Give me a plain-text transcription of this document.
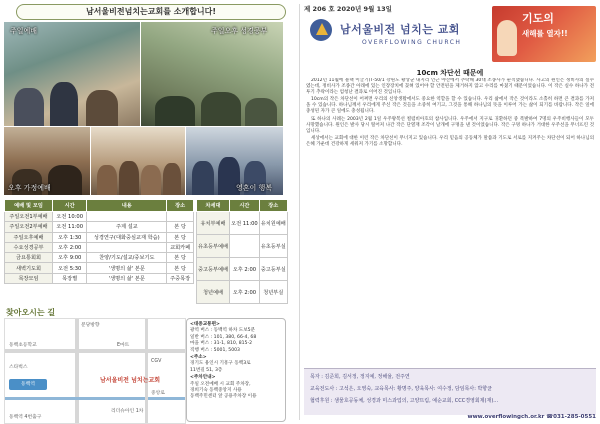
남서울비전넘치는교회를 소개합니다!
주일예배	주일오후 성경공부
오후 가정예배	영혼이 행복
예배 및 모임	시간	내용	장소
주일오전1부예배	오전 10:00		
주일오전2부예배	오전 11:00	주제 설교	본 당
주일오후예배	오후 1:30	성경연구(대화중심교재 학습)	본 당
수요성경공부	오후 2:00		교회카페
금요통회회	오후 9:00	찬양/기도/설교/중보기도	본 당
새벽기도회	오전 5:30	'생명의 삶' 본문	본 당
목장모임	목장별	'생명의 삶' 본문	주중목장
차세대	시간	장소
유치부예배	오전 11:00	유치원예배
유초등부예배		유초등부실
중고등부예배	오후 2:00	중고등부실
청년예배	오후 2:00	청년부실
찾아오시는 길
분당방향
동백초등학교	E마트
스타벅스
CGV
리더슈아인 1차
동백역 4번출구
중앙로
동백역
남서울비전 넘치는교회
<대중교통편>
광역 버스 : 동백역 하차 도보5분
일반 버스 : 101, 380, 66-4, 68
마을 버스 : 31-1, 810, 815-2
직행 버스 : 5001, 5003
<주소>
경기도 용인시 기흥구 동백3로
11번길 51, 3층
<주차안내>
주일 오전예배 시 교회 주차장,
경희기숙 동백중앙지 사용
동백주민센터 앞 공용주차장 이용
제 206 호 2020년 9월 13일
남서울비전 넘치는 교회
OVERFLOWING CHURCH
기도의
새해를 열자!!
10cm 차단선 때문에

2012년 11월에 블랙 이글기(T-50/1 강원도 황상군 내지리 인근 야산에서 추락해 30대 조종사가 순직했습니다. 사고의 원인은 정비사의 실수였는데, 정비사가 조종간 아래에 있는 인장장치에 꽂혀 있어야 할 안전핀을 제거하지 않고 수리를 마쳤기 때문이었습니다. 이 작은 실수 하나가 전투기 추락이라는 엄청난 결과로 이어진 것입니다.

10cm의 작은 차단선이 어쩌면 우리의 신앙생활에서도 중요한 역할을 할 수 있습니다. 우리 삶에서 작은 것이라도 소홀히 하면 큰 결과를 가져올 수 있습니다. 하나님께서 우리에게 주신 작은 것들을 소중히 여기고, 그것을 통해 하나님의 뜻을 이루어 가는 삶이 되기를 바랍니다. 작은 일에 충성된 자가 큰 일에도 충성됩니다.

또 하나의 사례는 2003년 2월 1일 우주왕복선 컬럼비아호의 참사입니다. 우주에서 지구로 귀환하던 중 폭발하여 7명의 우주비행사들이 모두 사망했습니다. 원인은 발사 당시 떨어져 나간 작은 단열재 조각이 날개에 구멍을 낸 것이었습니다. 작은 구멍 하나가 거대한 우주선을 무너뜨린 것입니다.

세상에서는 교회에 대한 이런 작은 차단선이 무너지고 있습니다. 우리 믿음의 공동체가 말씀과 기도로 서로를 지켜주는 차단선이 되어 하나님의 은혜 가운데 건강하게 세워져 가기를 소망합니다.

목자 : 김준희, 김서정, 정지예, 정해율, 전주연
교육전도사 : 고석은, 오영숙, 교육목사: 황명주, 양육목사: 여수정, 담임목사: 박향균
협력후원 : 샘물호공동체, 성경과 미스과업의, 고양뜨림, 예순교회, CCC경영회제(재)...
www.overflowingch.or.kr ☎031-285-0551
